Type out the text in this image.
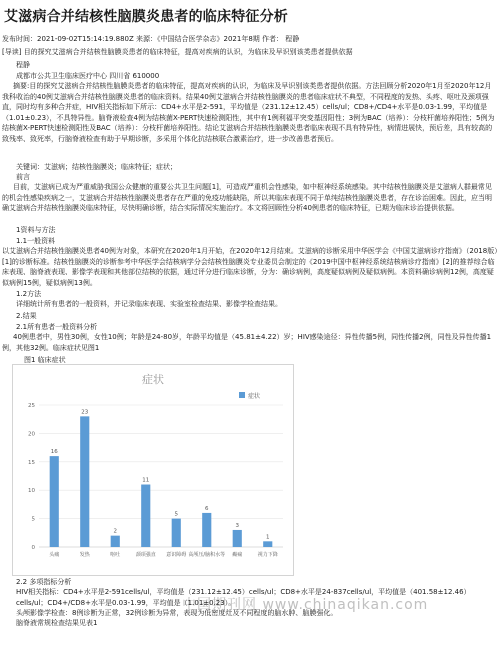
艾滋病合并结核性脑膜炎患者的临床特征分析
发布时间：2021-09-02T15:14:19.880Z 来源：《中国结合医学杂志》2021年8期 作者： 程静
[导读] 目的探究艾滋病合并结核性脑膜炎患者的临床特征，提高对疾病的认识，为临床及早识别该类患者提供依据
程静
成都市公共卫生临床医疗中心 四川省 610000
摘要:目的探究艾滋病合并结核性脑膜炎患者的临床特征，提高对疾病的认识，为临床及早识别该类患者提供依据。方法回顾分析2020年1月至2020年12月我科收治的40例艾滋病合并结核性脑膜炎患者的临床资料。结果40例艾滋病合并结核性脑膜炎的患者临床症状不典型，不同程度的发热、头疼、呕吐及颈项强直，同时均有多种合并症，HIV相关指标如下所示：CD4+水平是2-591，平均值是（231.12±12.45）cells/ul；CD8+/CD4+水平是0.03-1.99，平均值是（1.01±0.23），不具特异性。脑脊液检查4例为结核菌X-PERT快速检测阳性，其中有1例利福平突变基因阳性；3例为BAC（培养）：分枝杆菌培养阳性；5例为结核菌X-PERT快速检测阳性及BAC（培养）：分枝杆菌培养阳性。结论艾滋病合并结核性脑膜炎患者临床表现不具有特异性，病情进展快，预后差，具有较高的致残率、致死率，行脑脊液检查有助于早期诊断，多采用个体化抗结核联合激素治疗，进一步改善患者预后。
关键词：艾滋病；结核性脑膜炎；临床特征；症状；
前言
目前，艾滋病已成为严重威胁我国公众健康的重要公共卫生问题[1]，可造成严重机会性感染，如中枢神经系统感染。其中结核性脑膜炎是艾滋病人群最常见的机会性感染疾病之一，艾滋病合并结核性脑膜炎患者存在严重的免疫功能缺陷，所以其临床表现不同于单纯结核性脑膜炎患者，存在诊治困难。因此，应当明确艾滋病合并结核性脑膜炎临床特征，尽快明确诊断，结合实际情况实施治疗。本文将回顾性分析40例患者的临床特征，已期为临床诊治提供依据。
1资料与方法
1.1一般资料
以艾滋病合并结核性脑膜炎患者40例为对象，本研究在2020年1月开始，在2020年12月结束。艾滋病的诊断采用中华医学会《中国艾滋病诊疗指南》（2018版）[1]的诊断标准。结核性脑膜炎的诊断参考中华医学会结核病学分会结核性脑膜炎专业委员会制定的《2019中国中枢神经系统结核病诊疗指南》[2]的推荐综合临床表现、脑脊液表现、影像学表现和其他部位结核的依据，通过评分进行临床诊断，分为：确诊病例，高度疑似病例及疑似病例。本资料确诊病例12例，高度疑似病例15例，疑似病例13例。
1.2方法
详细统计所有患者的一般资料，并记录临床表现、实验室检查结果、影像学检查结果。
2.结果
2.1所有患者一般资料分析
40例患者中，男性30例，女性10例；年龄是24-80岁，年龄平均值是（45.81±4.22）岁；HIV感染途径：异性传播5例，同性传播2例，同性及异性传播1例，其他32例。临床症状见图1
图1 临床症状
症状
症状
16
23
2
11
5
6
3
1
头痛	发热	呕吐	颈项强直 意识障碍 高颅压/脑积水等 癫痫	视力下降
0
5
10
15
20
25
中国期刊网 www.chinaqikan.com
2.2 多项指标分析
HIV相关指标：CD4+水平是2-591cells/ul，平均值是（231.12±12.45）cells/ul；CD8+水平是24-837cells/ul，平均值是（401.58±12.46）cells/ul；CD4+/CD8+水平是0.03-1.99，平均值是（1.01±0.23）。
头颅影像学检查：8例诊断为正常，32例诊断为异常，表现为低密度灶及不同程度的脑水肿、脑膜强化。
脑脊液常规检查结果见表1
